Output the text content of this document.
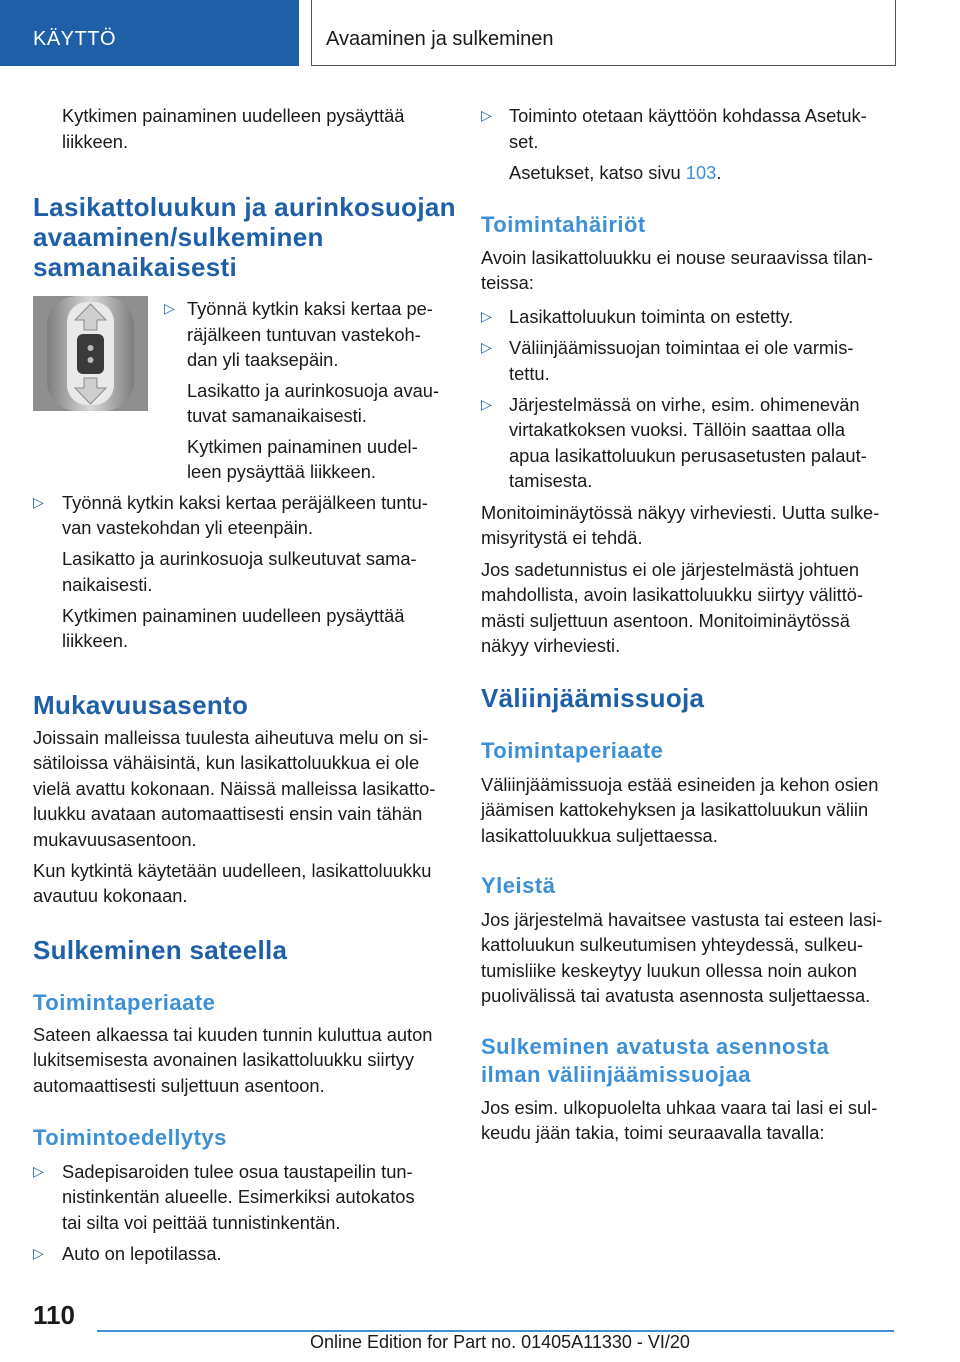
KÄYTTÖ	Avaaminen ja sulkeminen
Kytkimen painaminen uudelleen pysäyttää
liikkeen.
Lasikattoluukun ja aurinkosuojan
avaaminen/sulkeminen
samanaikaisesti
▷ Työnnä kytkin kaksi kertaa pe‐
räjälkeen tuntuvan vastekoh‐
dan yli taaksepäin.
Lasikatto ja aurinkosuoja avau‐
tuvat samanaikaisesti.
Kytkimen painaminen uudel‐
leen pysäyttää liikkeen.
▷ Työnnä kytkin kaksi kertaa peräjälkeen tuntu‐
van vastekohdan yli eteenpäin.
Lasikatto ja aurinkosuoja sulkeutuvat sama‐
naikaisesti.
Kytkimen painaminen uudelleen pysäyttää
liikkeen.
Mukavuusasento
Joissain malleissa tuulesta aiheutuva melu on si‐
sätiloissa vähäisintä, kun lasikattoluukkua ei ole
vielä avattu kokonaan. Näissä malleissa lasikatto‐
luukku avataan automaattisesti ensin vain tähän
mukavuusasentoon.
Kun kytkintä käytetään uudelleen, lasikattoluukku
avautuu kokonaan.
Sulkeminen sateella
Toimintaperiaate
Sateen alkaessa tai kuuden tunnin kuluttua auton
lukitsemisesta avonainen lasikattoluukku siirtyy
automaattisesti suljettuun asentoon.
Toimintoedellytys
▷ Sadepisaroiden tulee osua taustapeilin tun‐
nistinkentän alueelle. Esimerkiksi autokatos
tai silta voi peittää tunnistinkentän.
▷ Auto on lepotilassa.
▷ Toiminto otetaan käyttöön kohdassa Asetuk‐
set.
Asetukset, katso sivu 103.
Toimintahäiriöt
Avoin lasikattoluukku ei nouse seuraavissa tilan‐
teissa:
▷ Lasikattoluukun toiminta on estetty.
▷ Väliinjäämissuojan toimintaa ei ole varmis‐
tettu.
▷ Järjestelmässä on virhe, esim. ohimenevän
virtakatkoksen vuoksi. Tällöin saattaa olla
apua lasikattoluukun perusasetusten palaut‐
tamisesta.
Monitoiminäytössä näkyy virheviesti. Uutta sulke‐
misyritystä ei tehdä.
Jos sadetunnistus ei ole järjestelmästä johtuen
mahdollista, avoin lasikattoluukku siirtyy välittö‐
mästi suljettuun asentoon. Monitoiminäytössä
näkyy virheviesti.
Väliinjäämissuoja
Toimintaperiaate
Väliinjäämissuoja estää esineiden ja kehon osien
jäämisen kattokehyksen ja lasikattoluukun väliin
lasikattoluukkua suljettaessa.
Yleistä
Jos järjestelmä havaitsee vastusta tai esteen lasi‐
kattoluukun sulkeutumisen yhteydessä, sulkeu‐
tumisliike keskeytyy luukun ollessa noin aukon
puolivälissä tai avatusta asennosta suljettaessa.
Sulkeminen avatusta asennosta
ilman väliinjäämissuojaa
Jos esim. ulkopuolelta uhkaa vaara tai lasi ei sul‐
keudu jään takia, toimi seuraavalla tavalla:
110
Online Edition for Part no. 01405A11330 - VI/20
